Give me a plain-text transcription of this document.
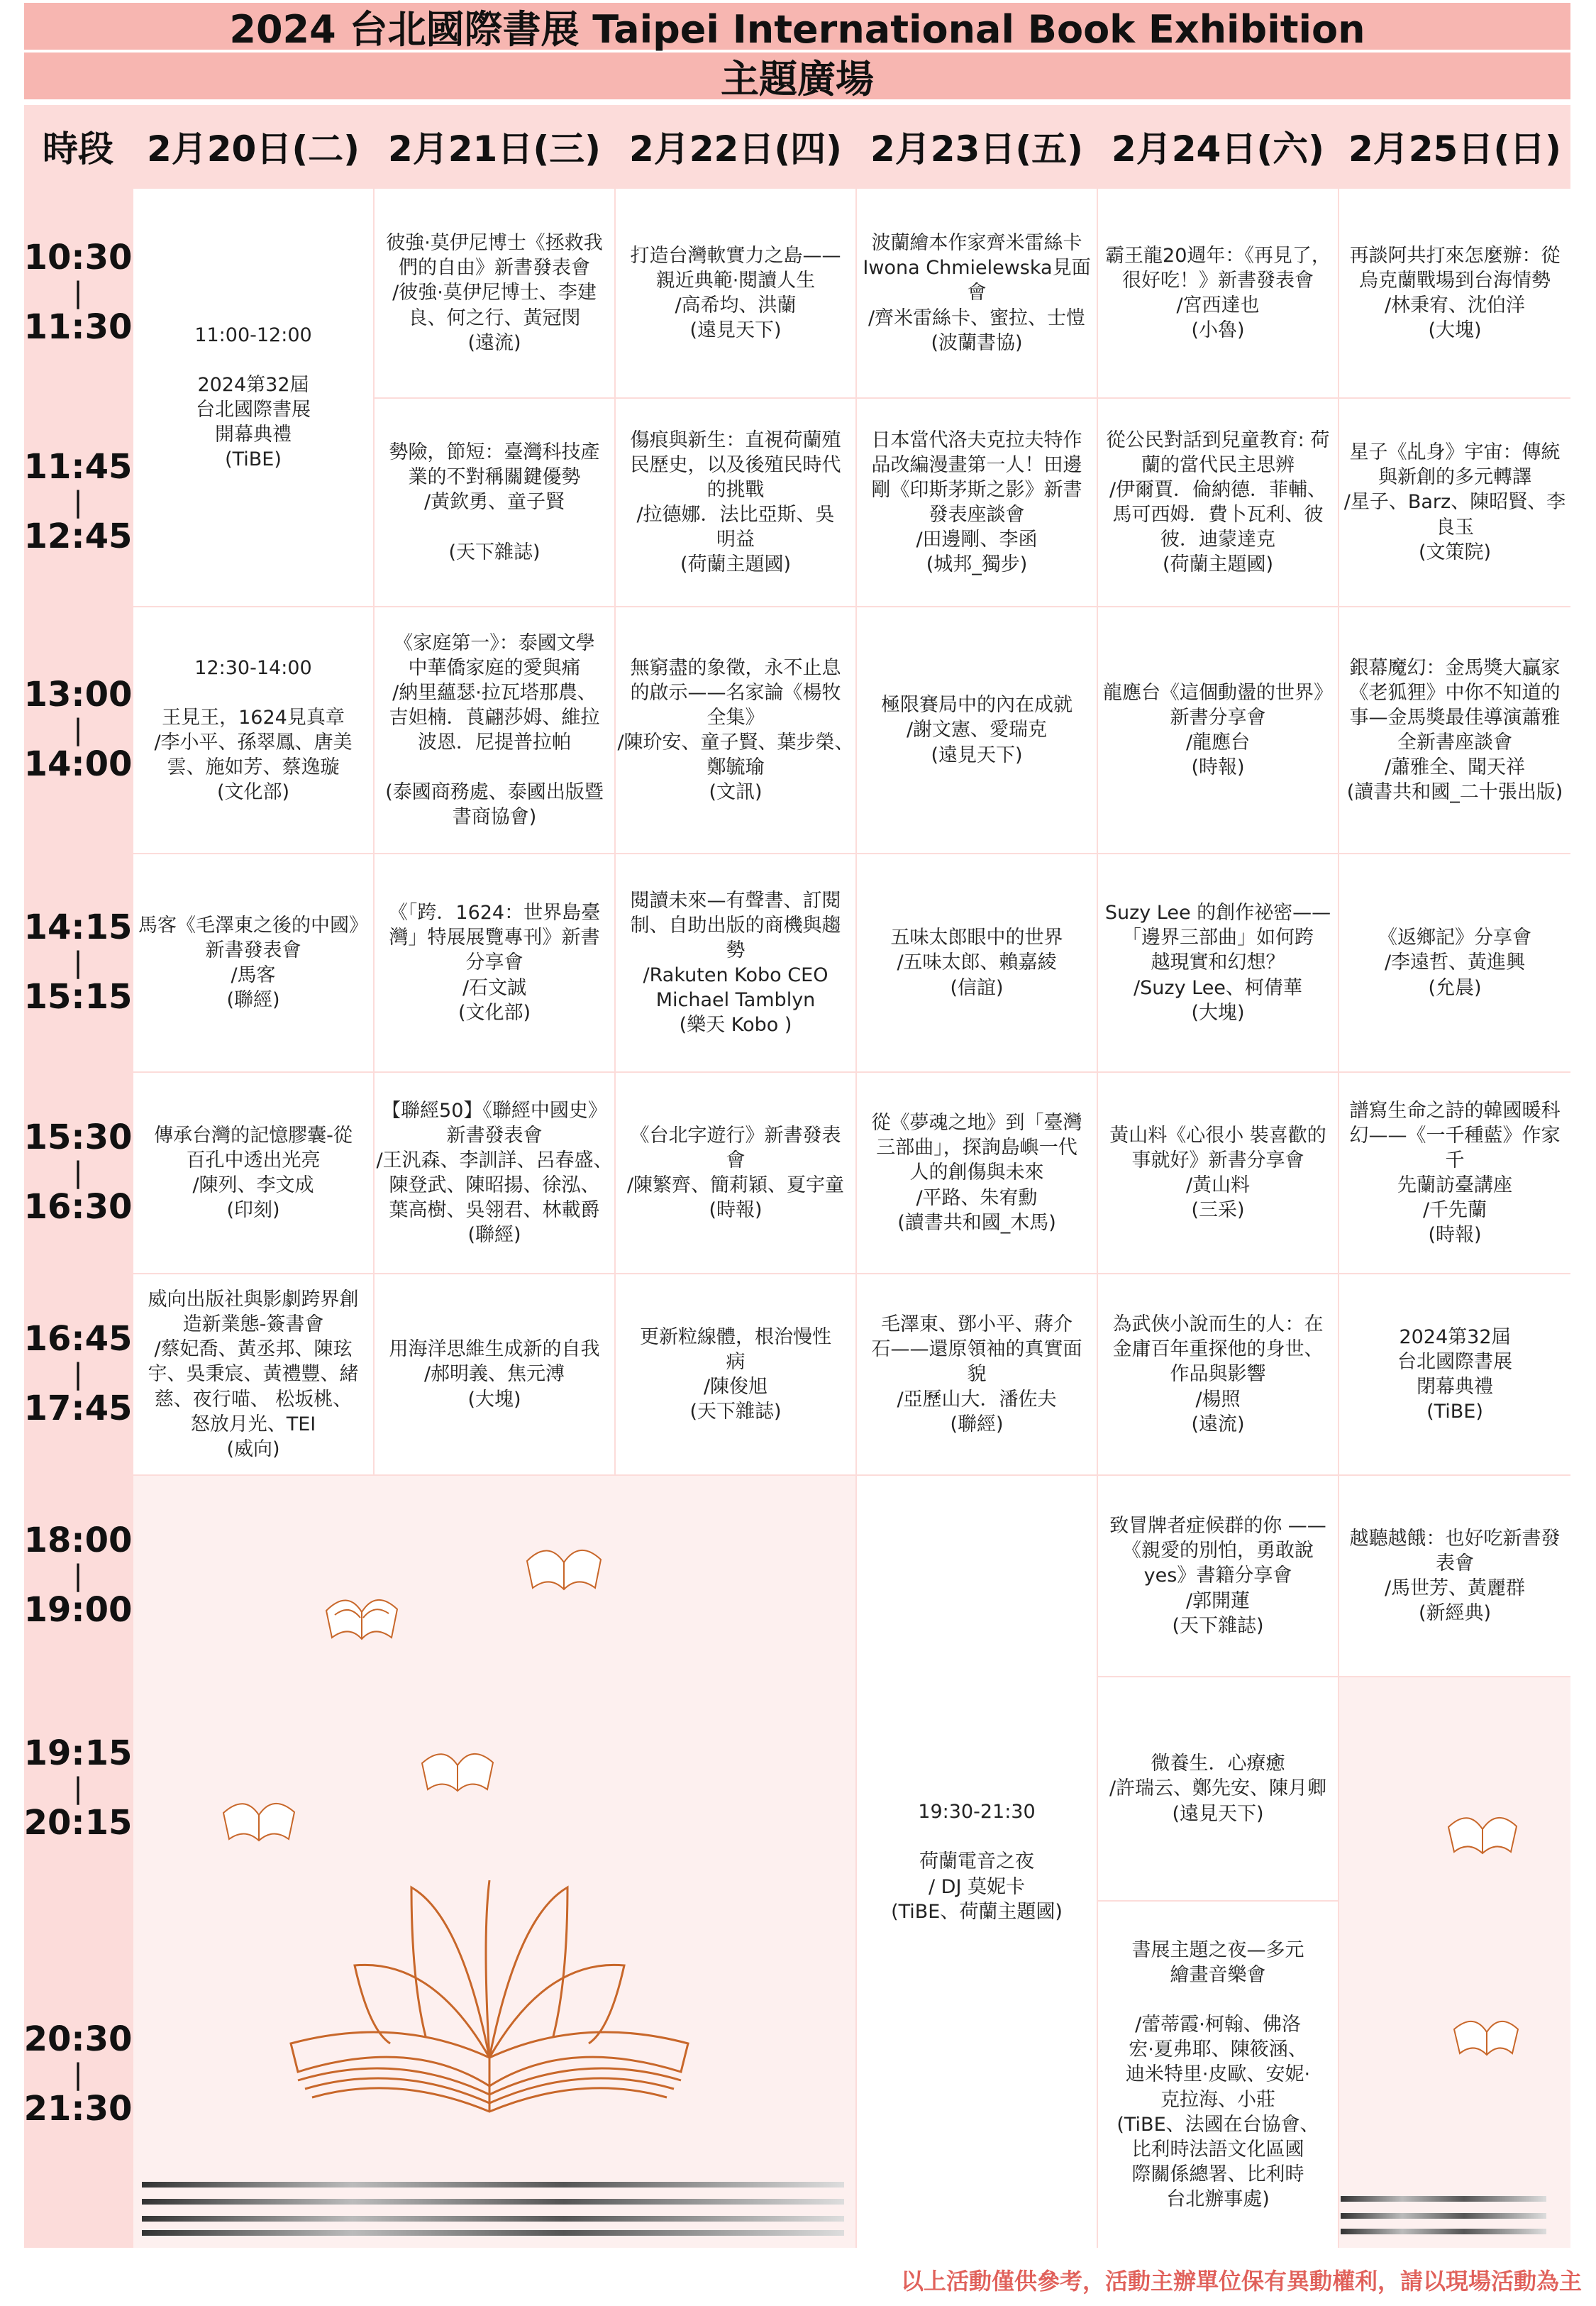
2024 台北國際書展 Taipei International Book Exhibition
主題廣場
時段 2月20日(二) 2月21日(三) 2月22日(四) 2月23日(五) 2月24日(六) 2月25日(日)
10:30
|
11:30
11:45
|
12:45
13:00
|
14:00
14:15
|
15:15
15:30
|
16:30
16:45
|
17:45
18:00
|
19:00
19:15
|
20:15
20:30
|
21:30
11:00-12:00

2024第32屆
台北國際書展
開幕典禮
(TiBE)
12:30-14:00

王見王，1624見真章
/李小平、孫翠鳳、唐美
雲、施如芳、蔡逸璇
(文化部)
馬客《毛澤東之後的中國》
新書發表會
/馬客
(聯經)
傳承台灣的記憶膠囊-從
百孔中透出光亮
/陳列、李文成
(印刻)
威向出版社與影劇跨界創
造新業態-簽書會
/蔡妃喬、黃丞邦、陳玹
宇、吳秉宸、黃禮豐、緒
慈、夜行喵、 松坂桃、
怒放月光、TEI
(威向)
彼強·莫伊尼博士《拯救我
們的自由》新書發表會
/彼強·莫伊尼博士、李建
良、何之行、黃冠閔
(遠流)
勢險，節短：臺灣科技產
業的不對稱關鍵優勢
/黃欽勇、童子賢

(天下雜誌)
《家庭第一》：泰國文學
中華僑家庭的愛與痛
/納里蘊瑟·拉瓦塔那農、
吉妲楠．莨翩莎姆、維拉
波恩．尼提普拉帕

(泰國商務處、泰國出版暨
書商協會)
《「跨．1624：世界島臺
灣」特展展覽專刊》新書
分享會
/石文誠
(文化部)
【聯經50】《聯經中國史》
新書發表會
/王汎森、李訓詳、呂春盛、
陳登武、陳昭揚、徐泓、
葉高樹、吳翎君、林載爵
(聯經)
用海洋思維生成新的自我
/郝明義、焦元溥
(大塊)
打造台灣軟實力之島——
親近典範·閱讀人生
/高希均、洪蘭
(遠見天下)
傷痕與新生：直視荷蘭殖
民歷史，以及後殖民時代
的挑戰
/拉德娜．法比亞斯、吳
明益
(荷蘭主題國)
無窮盡的象徵，永不止息
的啟示——名家論《楊牧
全集》
/陳玠安、童子賢、葉步榮、
鄭毓瑜
(文訊)
閱讀未來—有聲書、訂閱
制、自助出版的商機與趨
勢
/Rakuten Kobo CEO
Michael Tamblyn
(樂天 Kobo )
《台北字遊行》新書發表
會
/陳繁齊、簡莉穎、夏宇童
(時報)
更新粒線體，根治慢性
病
/陳俊旭
(天下雜誌)
波蘭繪本作家齊米雷絲卡
Iwona Chmielewska見面
會
/齊米雷絲卡、蜜拉、士愷
(波蘭書協)
日本當代洛夫克拉夫特作
品改編漫畫第一人！田邊
剛《印斯茅斯之影》新書
發表座談會
/田邊剛、李函
(城邦_獨步)
極限賽局中的內在成就
/謝文憲、愛瑞克
(遠見天下)
五味太郎眼中的世界
/五味太郎、賴嘉綾
(信誼)
從《夢魂之地》到「臺灣
三部曲」，探詢島嶼一代
人的創傷與未來
/平路、朱宥勳
(讀書共和國_木馬)
毛澤東、鄧小平、蔣介
石——還原領袖的真實面
貌
/亞歷山大．潘佐夫
(聯經)
19:30-21:30

荷蘭電音之夜
/ DJ 莫妮卡
(TiBE、荷蘭主題國)
霸王龍20週年：《再見了，
很好吃！》新書發表會
/宮西達也
(小魯)
從公民對話到兒童教育: 荷
蘭的當代民主思辨
/伊爾賈．倫納德．菲輔、
馬可西姆．費卜瓦利、彼
彼．迪蒙達克
(荷蘭主題國)
龍應台《這個動盪的世界》
新書分享會
/龍應台
(時報)
Suzy Lee 的創作祕密——
「邊界三部曲」如何跨
越現實和幻想？
/Suzy Lee、柯倩華
(大塊)
黃山料《心很小 裝喜歡的
事就好》新書分享會
/黃山料
(三采)
為武俠小說而生的人：在
金庸百年重探他的身世、
作品與影響
/楊照
(遠流)
致冒牌者症候群的你 ——
《親愛的別怕，勇敢說
yes》書籍分享會
/郭開蓮
(天下雜誌)
微養生．心療癒
/許瑞云、鄭先安、陳月卿
(遠見天下)
書展主題之夜—多元
繪畫音樂會

/蕾蒂霞·柯翰、佛洛
宏·夏弗耶、陳筱涵、
迪米特里·皮歐、安妮·
克拉海、小莊
(TiBE、法國在台協會、
比利時法語文化區國
際關係總署、比利時
台北辦事處)
再談阿共打來怎麼辦：從
烏克蘭戰場到台海情勢
/林秉宥、沈伯洋
(大塊)
星子《乩身》宇宙：傳統
與新創的多元轉譯
/星子、Barz、陳昭賢、李
良玉
(文策院)
銀幕魔幻：金馬獎大贏家
《老狐狸》中你不知道的
事—金馬獎最佳導演蕭雅
全新書座談會
/蕭雅全、聞天祥
(讀書共和國_二十張出版)
《返鄉記》分享會
/李遠哲、黃進興
(允晨)
譜寫生命之詩的韓國暖科
幻——《一千種藍》作家千
先蘭訪臺講座
/千先蘭
(時報)
2024第32屆
台北國際書展
閉幕典禮
(TiBE)
越聽越餓：也好吃新書發
表會
/馬世芳、黃麗群
(新經典)
以上活動僅供參考，活動主辦單位保有異動權利，請以現場活動為主
